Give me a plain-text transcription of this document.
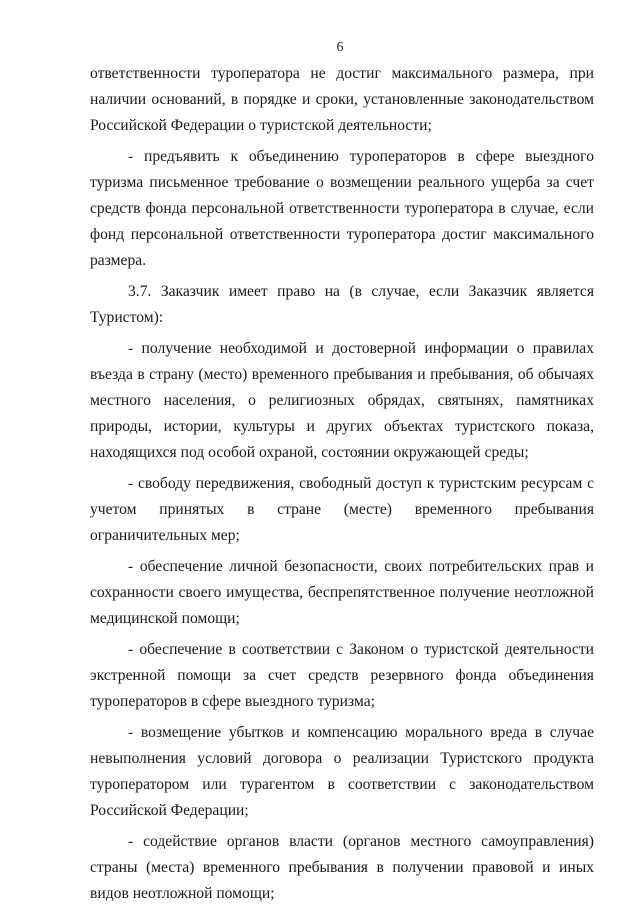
6

ответственности туроператора не достиг максимального размера, при наличии оснований, в порядке и сроки, установленные законодательством Российской Федерации о туристской деятельности;

- предъявить к объединению туроператоров в сфере выездного туризма письменное требование о возмещении реального ущерба за счет средств фонда персональной ответственности туроператора в случае, если фонд персональной ответственности туроператора достиг максимального размера.

3.7. Заказчик имеет право на (в случае, если Заказчик является Туристом):

- получение необходимой и достоверной информации о правилах въезда в страну (место) временного пребывания и пребывания, об обычаях местного населения, о религиозных обрядах, святынях, памятниках природы, истории, культуры и других объектах туристского показа, находящихся под особой охраной, состоянии окружающей среды;

- свободу передвижения, свободный доступ к туристским ресурсам с учетом принятых в стране (месте) временного пребывания ограничительных мер;

- обеспечение личной безопасности, своих потребительских прав и сохранности своего имущества, беспрепятственное получение неотложной медицинской помощи;

- обеспечение в соответствии с Законом о туристской деятельности экстренной помощи за счет средств резервного фонда объединения туроператоров в сфере выездного туризма;

- возмещение убытков и компенсацию морального вреда в случае невыполнения условий договора о реализации Туристского продукта туроператором или турагентом в соответствии с законодательством Российской Федерации;

- содействие органов власти (органов местного самоуправления) страны (места) временного пребывания в получении правовой и иных видов неотложной помощи;
